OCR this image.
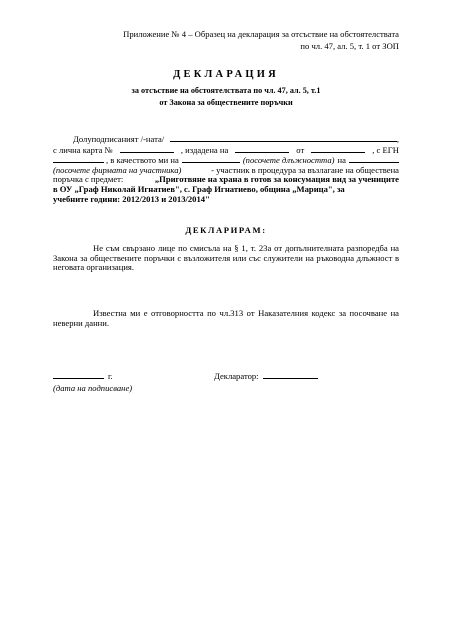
Приложение № 4 – Образец на декларация за отсъствие на обстоятелствата
по чл. 47, ал. 5, т. 1 от ЗОП
ДЕКЛАРАЦИЯ
за отсъствие на обстоятелствата по чл. 47, ал. 5, т.1
от Закона за обществените поръчки
Долуподписаният /-ната/	,
с лична карта №	, издадена на	от	, с ЕГН
, в качеството ми на	(посочете длъжността) на
(посочете фирмата на участника)	- участник в процедура за възлагане на обществена
поръчка с предмет:	„Приготвяне на храна в готов за консумация вид за учениците
в ОУ „Граф Николай Игнатиев", с. Граф Игнатиево, община „Марица", за
учебните години: 2012/2013 и 2013/2014"
ДЕКЛАРИРАМ:
Не съм свързано лице по смисъла на § 1, т. 23а от допълнителната разпоредба на Закона за обществените поръчки с възложителя или със служители на ръководна длъжност в неговата организация.
Известна ми е отговорността по чл.313 от Наказателния кодекс за посочване на неверни данни.
г.	Декларатор:
(дата на подписване)
